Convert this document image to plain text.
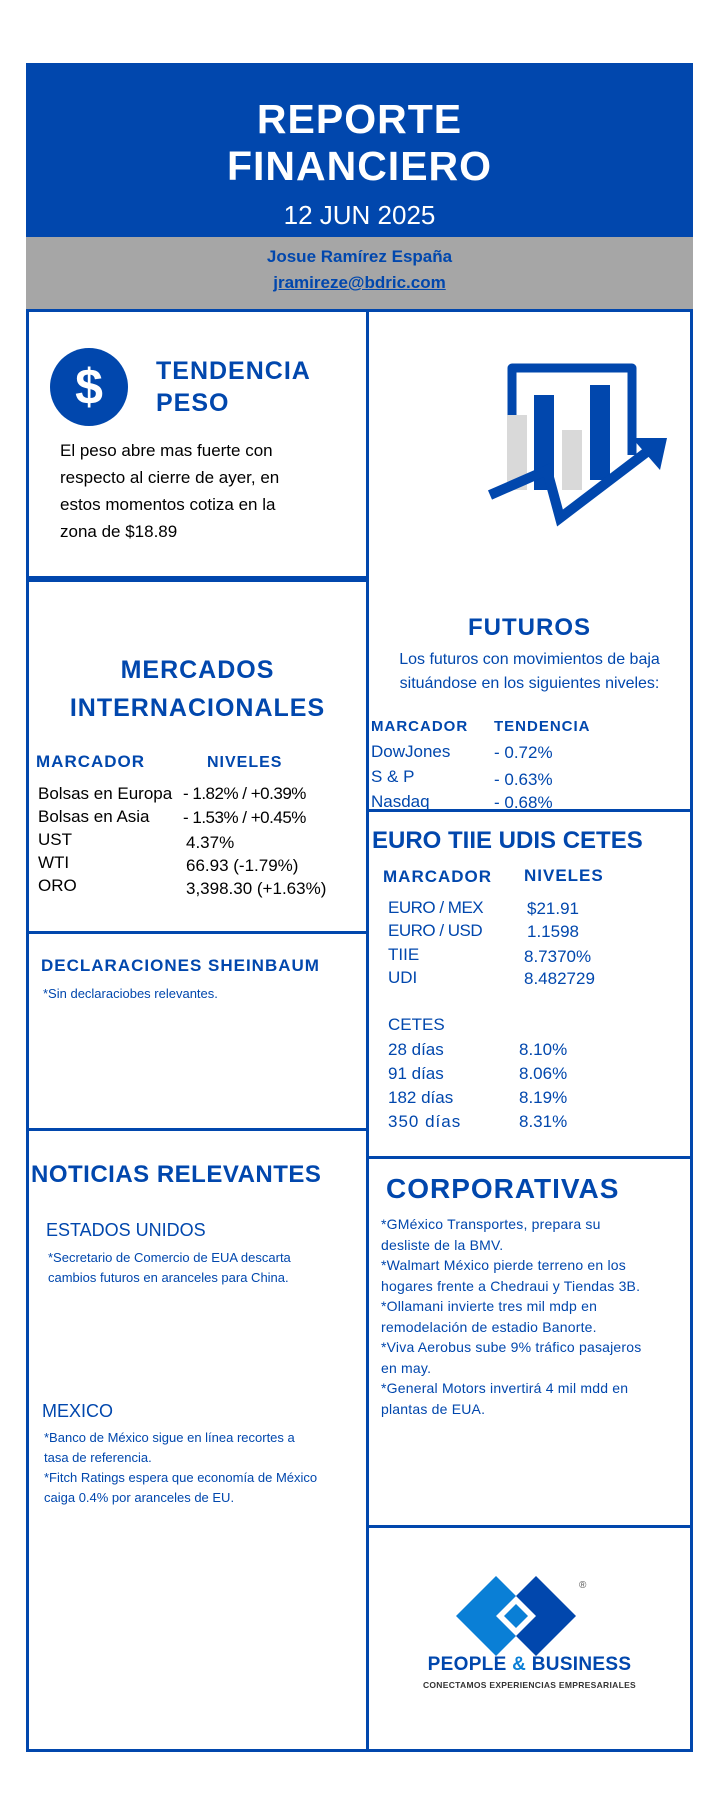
REPORTE
FINANCIERO
12 JUN 2025
Josue Ramírez España
jramireze@bdric.com
$ TENDENCIA
PESO
El peso abre mas fuerte con
respecto al cierre de ayer, en
estos momentos cotiza en la
zona de $18.89
FUTUROS
Los futuros con movimientos de baja
situándose en los siguientes niveles:
MARCADOR TENDENCIA
DowJones	- 0.72%
S & P	- 0.63%
Nasdaq	- 0.68%
MERCADOS
INTERNACIONALES
MARCADOR	NIVELES
Bolsas en Europa - 1.82% / +0.39%
Bolsas en Asia - 1.53% / +0.45%
UST	4.37%
WTI	66.93 (-1.79%)
ORO	3,398.30 (+1.63%)
EURO TIIE UDIS CETES
MARCADOR NIVELES
EURO / MEX	$21.91
EURO / USD	1.1598
TIIE	8.7370%
UDI	8.482729
CETES
28 días	8.10%
91 días	8.06%
182 días	8.19%
350 días	8.31%
DECLARACIONES SHEINBAUM
*Sin declaraciobes relevantes.
NOTICIAS RELEVANTES
ESTADOS UNIDOS
*Secretario de Comercio de EUA descarta
cambios futuros en aranceles para China.
MEXICO
*Banco de México sigue en línea recortes a
tasa de referencia.
*Fitch Ratings espera que economía de México
caiga 0.4% por aranceles de EU.
CORPORATIVAS
*GMéxico Transportes, prepara su
desliste de la BMV.
*Walmart México pierde terreno en los
hogares frente a Chedraui y Tiendas 3B.
*Ollamani invierte tres mil mdp en
remodelación de estadio Banorte.
*Viva Aerobus sube 9% tráfico pasajeros
en may.
*General Motors invertirá 4 mil mdd en
plantas de EUA.
®
PEOPLE & BUSINESS
CONECTAMOS EXPERIENCIAS EMPRESARIALES
